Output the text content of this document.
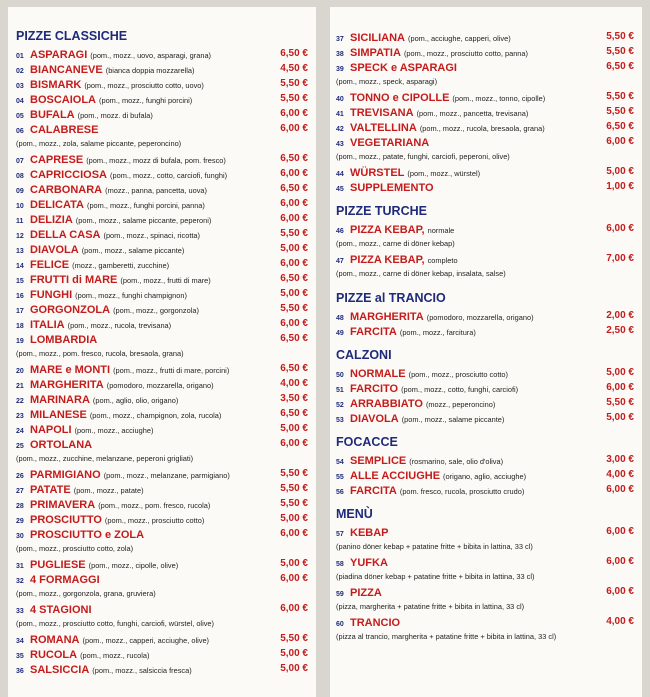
PIZZE CLASSICHE
01 ASPARAGI (pom., mozz., uovo, asparagi, grana)	6,50 €
02 BIANCANEVE (bianca doppia mozzarella)	4,50 €
03 BISMARK (pom., mozz., prosciutto cotto, uovo)	5,50 €
04 BOSCAIOLA (pom., mozz., funghi porcini)	5,50 €
05 BUFALA (pom., mozz. di bufala)	6,00 €
06 CALABRESE	6,00 €
(pom., mozz., zola, salame piccante, peperoncino)
07 CAPRESE (pom., mozz., mozz di bufala, pom. fresco)	6,50 €
08 CAPRICCIOSA (pom., mozz., cotto, carciofi, funghi)	6,00 €
09 CARBONARA (mozz., panna, pancetta, uova)	6,50 €
10 DELICATA (pom., mozz., funghi porcini, panna)	6,00 €
11 DELIZIA (pom., mozz., salame piccante, peperoni)	6,00 €
12 DELLA CASA (pom., mozz., spinaci, ricotta)	5,50 €
13 DIAVOLA (pom., mozz., salame piccante)	5,00 €
14 FELICE (mozz., gamberetti, zucchine)	6,00 €
15 FRUTTI di MARE (pom., mozz., frutti di mare)	6,50 €
16 FUNGHI (pom., mozz., funghi champignon)	5,00 €
17 GORGONZOLA (pom., mozz., gorgonzola)	5,50 €
18 ITALIA (pom., mozz., rucola, trevisana)	6,00 €
19 LOMBARDIA	6,50 €
(pom., mozz., pom. fresco, rucola, bresaola, grana)
20 MARE e MONTI (pom., mozz., frutti di mare, porcini)	6,50 €
21 MARGHERITA (pomodoro, mozzarella, origano)	4,00 €
22 MARINARA (pom., aglio, olio, origano)	3,50 €
23 MILANESE (pom., mozz., champignon, zola, rucola)	6,50 €
24 NAPOLI (pom., mozz., acciughe)	5,00 €
25 ORTOLANA	6,00 €
(pom., mozz., zucchine, melanzane, peperoni grigliati)
26 PARMIGIANO (pom., mozz., melanzane, parmigiano)	5,50 €
27 PATATE (pom., mozz., patate)	5,50 €
28 PRIMAVERA (pom., mozz., pom. fresco, rucola)	5,50 €
29 PROSCIUTTO (pom., mozz., prosciutto cotto)	5,00 €
30 PROSCIUTTO e ZOLA	6,00 €
(pom., mozz., prosciutto cotto, zola)
31 PUGLIESE (pom., mozz., cipolle, olive)	5,00 €
32 4 FORMAGGI	6,00 €
(pom., mozz., gorgonzola, grana, gruviera)
33 4 STAGIONI	6,00 €
(pom., mozz., prosciutto cotto, funghi, carciofi, würstel, olive)
34 ROMANA (pom., mozz., capperi, acciughe, olive)	5,50 €
35 RUCOLA (pom., mozz., rucola)	5,00 €
36 SALSICCIA (pom., mozz., salsiccia fresca)	5,00 €
37 SICILIANA (pom., acciughe, capperi, olive)	5,50 €
38 SIMPATIA (pom., mozz., prosciutto cotto, panna)	5,50 €
39 SPECK e ASPARAGI	6,50 €
(pom., mozz., speck, asparagi)
40 TONNO e CIPOLLE (pom., mozz., tonno, cipolle)	5,50 €
41 TREVISANA (pom., mozz., pancetta, trevisana)	5,50 €
42 VALTELLINA (pom., mozz., rucola, bresaola, grana)	6,50 €
43 VEGETARIANA	6,00 €
(pom., mozz., patate, funghi, carciofi, peperoni, olive)
44 WÜRSTEL (pom., mozz., würstel)	5,00 €
45 SUPPLEMENTO	1,00 €
PIZZE TURCHE
46 PIZZA KEBAP, normale	6,00 €
(pom., mozz., carne di döner kebap)
47 PIZZA KEBAP, completo	7,00 €
(pom., mozz., carne di döner kebap, insalata, salse)
PIZZE al TRANCIO
48 MARGHERITA (pomodoro, mozzarella, origano)	2,00 €
49 FARCITA (pom., mozz., farcitura)	2,50 €
CALZONI
50 NORMALE (pom., mozz., prosciutto cotto)	5,00 €
51 FARCITO (pom., mozz., cotto, funghi, carciofi)	6,00 €
52 ARRABBIATO (mozz., peperoncino)	5,50 €
53 DIAVOLA (pom., mozz., salame piccante)	5,00 €
FOCACCE
54 SEMPLICE (rosmarino, sale, olio d'oliva)	3,00 €
55 ALLE ACCIUGHE (origano, aglio, acciughe)	4,00 €
56 FARCITA (pom. fresco, rucola, prosciutto crudo)	6,00 €
MENÙ
57 KEBAP	6,00 €
(panino döner kebap + patatine fritte + bibita in lattina, 33 cl)
58 YUFKA	6,00 €
(piadina döner kebap + patatine fritte + bibita in lattina, 33 cl)
59 PIZZA	6,00 €
(pizza, margherita + patatine fritte + bibita in lattina, 33 cl)
60 TRANCIO	4,00 €
(pizza al trancio, margherita + patatine fritte + bibita in lattina, 33 cl)
